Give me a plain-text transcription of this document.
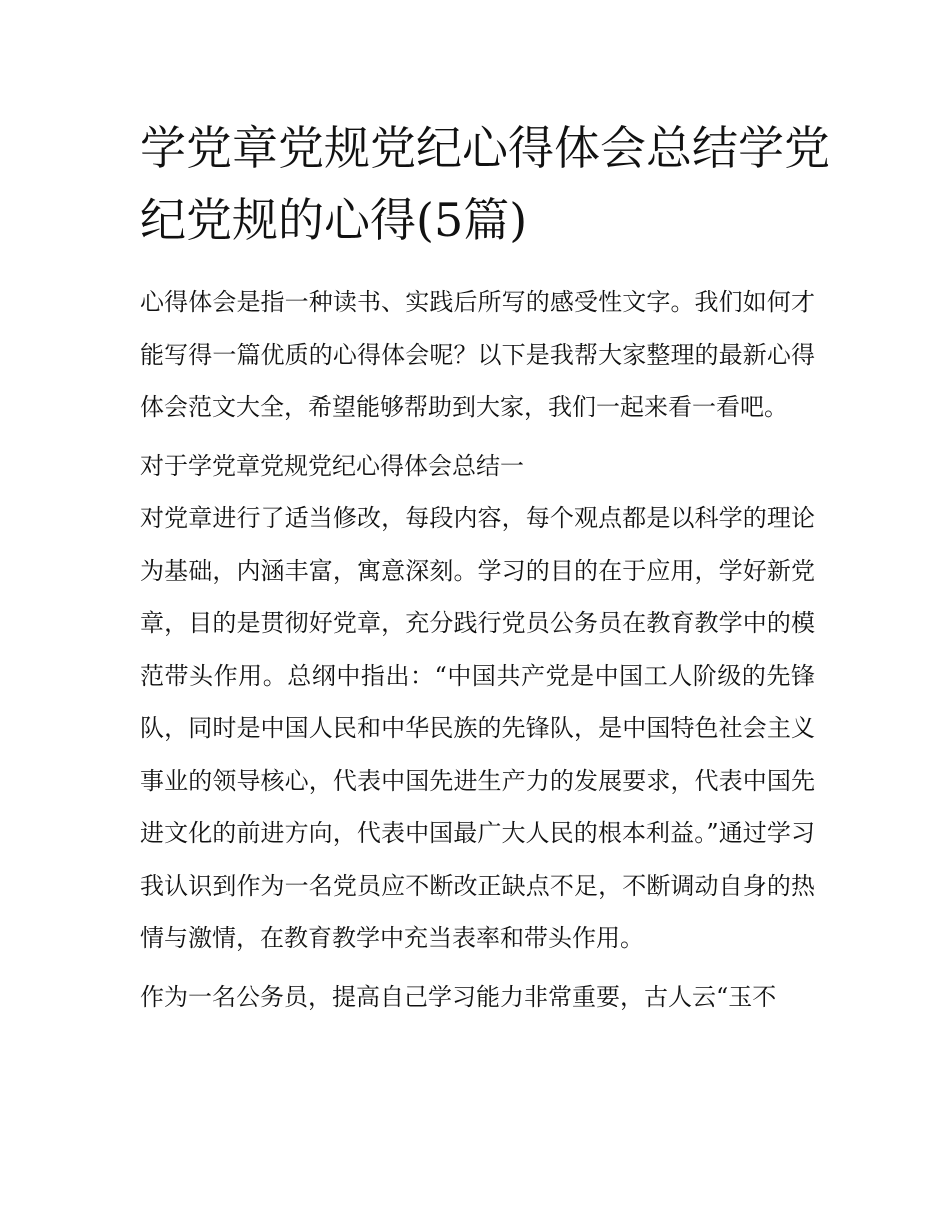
学党章党规党纪心得体会总结学党纪党规的心得(5篇)

心得体会是指一种读书、实践后所写的感受性文字。我们如何才能写得一篇优质的心得体会呢？以下是我帮大家整理的最新心得体会范文大全，希望能够帮助到大家，我们一起来看一看吧。

对于学党章党规党纪心得体会总结一

对党章进行了适当修改，每段内容，每个观点都是以科学的理论为基础，内涵丰富，寓意深刻。学习的目的在于应用，学好新党章，目的是贯彻好党章，充分践行党员公务员在教育教学中的模范带头作用。总纲中指出：“中国共产党是中国工人阶级的先锋队，同时是中国人民和中华民族的先锋队，是中国特色社会主义事业的领导核心，代表中国先进生产力的发展要求，代表中国先进文化的前进方向，代表中国最广大人民的根本利益。”通过学习我认识到作为一名党员应不断改正缺点不足，不断调动自身的热情与激情，在教育教学中充当表率和带头作用。

作为一名公务员，提高自己学习能力非常重要，古人云“玉不
